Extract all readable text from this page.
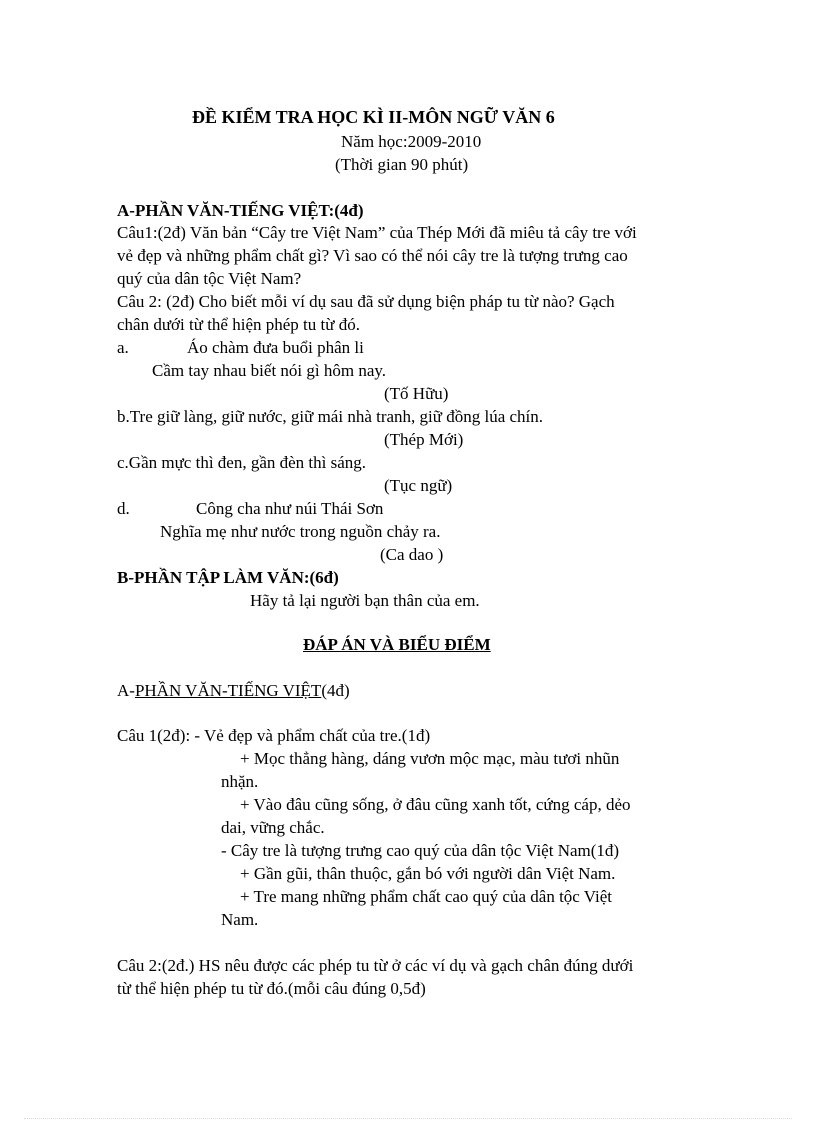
ĐỀ KIỂM TRA HỌC KÌ II-MÔN NGỮ VĂN 6
Năm học:2009-2010
(Thời gian 90 phút)
A-PHẦN VĂN-TIẾNG VIỆT:(4đ)
Câu1:(2đ) Văn bản “Cây tre Việt Nam” của Thép Mới đã miêu tả cây tre với
vẻ đẹp và những phẩm chất gì? Vì sao có thể nói cây tre là tượng trưng cao
quý của dân tộc Việt Nam?
Câu 2: (2đ) Cho biết mỗi ví dụ sau đã sử dụng biện pháp tu từ nào? Gạch
chân dưới từ thể hiện phép tu từ đó.
a.	Áo chàm đưa buổi phân li
Cầm tay nhau biết nói gì hôm nay.
(Tố Hữu)
b.Tre giữ làng, giữ nước, giữ mái nhà tranh, giữ đồng lúa chín.
(Thép Mới)
c.Gần mực thì đen, gần đèn thì sáng.
(Tục ngữ)
d.	Công cha như núi Thái Sơn
Nghĩa mẹ như nước trong nguồn chảy ra.
(Ca dao )
B-PHẦN TẬP LÀM VĂN:(6đ)
Hãy tả lại người bạn thân của em.
ĐÁP ÁN VÀ BIỂU ĐIỂM
A-PHẦN VĂN-TIẾNG VIỆT(4đ)
Câu 1(2đ): - Vẻ đẹp và phẩm chất của tre.(1đ)
+ Mọc thẳng hàng, dáng vươn mộc mạc, màu tươi nhũn
nhặn.
+ Vào đâu cũng sống, ở đâu cũng xanh tốt, cứng cáp, dẻo
dai, vững chắc.
- Cây tre là tượng trưng cao quý của dân tộc Việt Nam(1đ)
+ Gần gũi, thân thuộc, gắn bó với người dân Việt Nam.
+ Tre mang những phẩm chất cao quý của dân tộc Việt
Nam.
Câu 2:(2đ.) HS nêu được các phép tu từ ở các ví dụ và gạch chân đúng dưới
từ thể hiện phép tu từ đó.(mỗi câu đúng 0,5đ)
